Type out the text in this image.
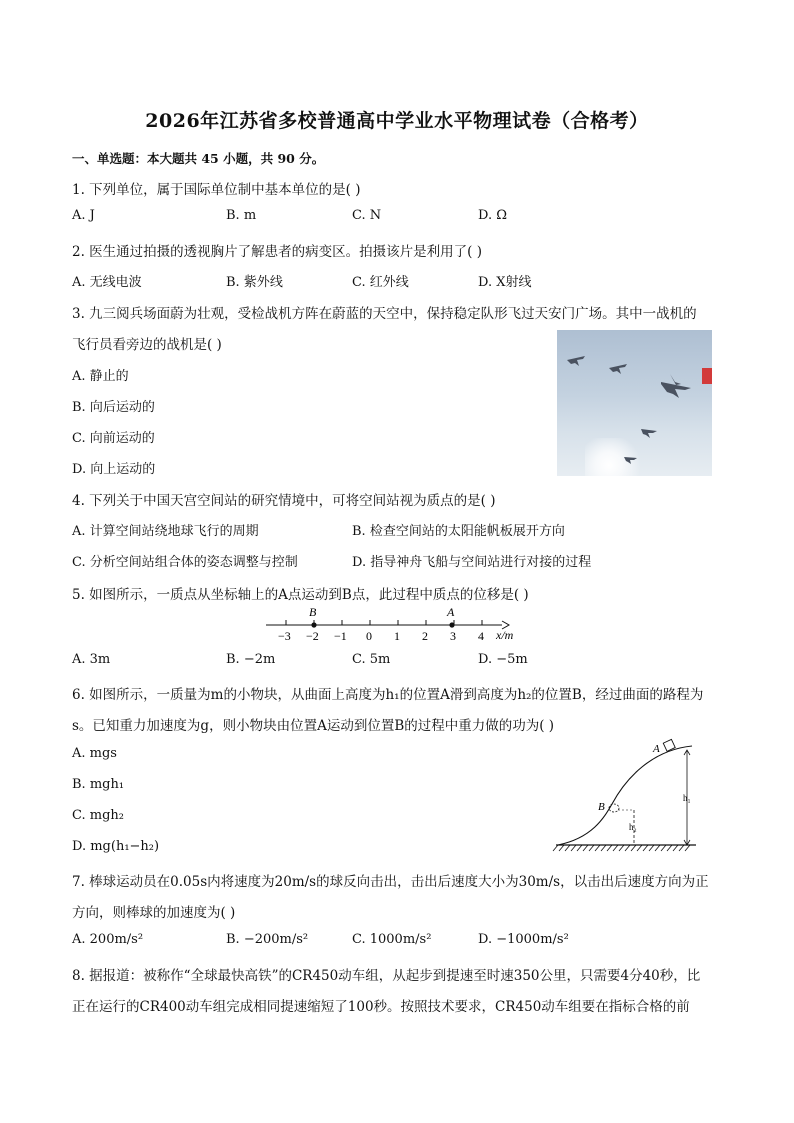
2026年江苏省多校普通高中学业水平物理试卷（合格考）
一、单选题：本大题共 45 小题，共 90 分。
1. 下列单位，属于国际单位制中基本单位的是( )
A. J	B. m	C. N	D. Ω
2. 医生通过拍摄的透视胸片了解患者的病变区。拍摄该片是利用了( )
A. 无线电波	B. 紫外线	C. 红外线	D. X射线
3. 九三阅兵场面蔚为壮观，受检战机方阵在蔚蓝的天空中，保持稳定队形飞过天安门广场。其中一战机的
飞行员看旁边的战机是( )
A. 静止的
B. 向后运动的
C. 向前运动的
D. 向上运动的
4. 下列关于中国天宫空间站的研究情境中，可将空间站视为质点的是( )
A. 计算空间站绕地球飞行的周期	B. 检查空间站的太阳能帆板展开方向
C. 分析空间站组合体的姿态调整与控制	D. 指导神舟飞船与空间站进行对接的过程
5. 如图所示，一质点从坐标轴上的A点运动到B点，此过程中质点的位移是( )
−3 −2 −1 0 1 2 3 4
B	A
x/m
A. 3m	B. −2m	C. 5m	D. −5m
6. 如图所示，一质量为m的小物块，从曲面上高度为h₁的位置A滑到高度为h₂的位置B，经过曲面的路程为
s。已知重力加速度为g，则小物块由位置A运动到位置B的过程中重力做的功为( )
A. mgs
B. mgh₁
C. mgh₂
D. mg(h₁−h₂)
A
B
h₁
h₂
7. 棒球运动员在0.05s内将速度为20m/s的球反向击出，击出后速度大小为30m/s，以击出后速度方向为正
方向，则棒球的加速度为( )
A. 200m/s²	B. −200m/s²	C. 1000m/s²	D. −1000m/s²
8. 据报道：被称作“全球最快高铁”的CR450动车组，从起步到提速至时速350公里，只需要4分40秒，比
正在运行的CR400动车组完成相同提速缩短了100秒。按照技术要求，CR450动车组要在指标合格的前
